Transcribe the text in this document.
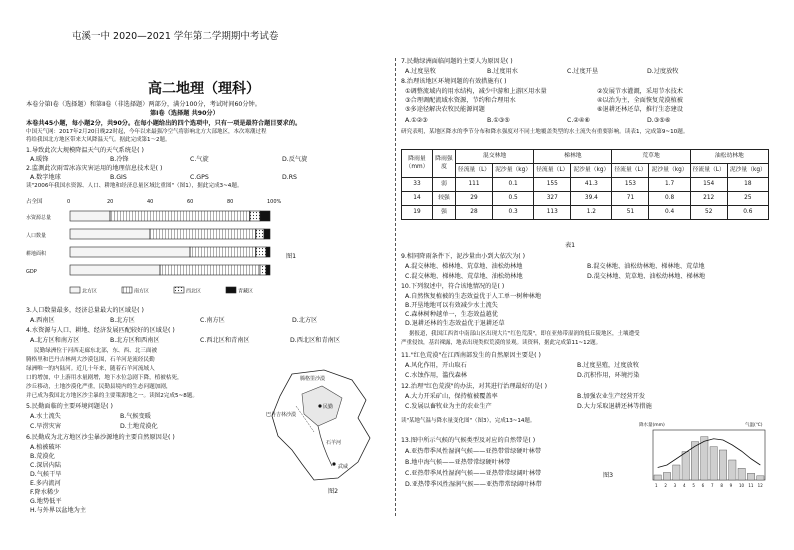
屯溪一中 2020—2021 学年第二学期期中考试卷
高二地理（理科）
本卷分第Ⅰ卷（选择题）和第Ⅱ卷（非选择题）两部分，满分100分，考试时间60分钟。
第Ⅰ卷（选择题 共90分）
本卷共45小题，每小题2分，共90分。在每小题给出的四个选项中，只有一项是最符合题目要求的。
中国天气网：2017年2月20日晚22时起，今年以来最强冷空气将影响北方大部地区，本次寒潮过程
将给我国北方地区带来大风降温天气。据此完成第1～2题。
1.导致此次大规模降温天气的天气系统是( )
A.暖锋	B.冷锋	C.气旋	D.反气旋
2.监测此次雨雪冰冻灾害运用的地理信息技术是( )
A.数字地球	B.GIS	C.GPS	D.RS
读"2006年我国水资源、人口、耕地和经济总量区域比重图"（图1），据此完成3~4题。
占全国	0	20	40	60	80	100%
水资源总量
人口数量
耕地面积
GDP
北方区	南方区	西北区	青藏区
图1
3.人口数量最多，经济总量最大的区域是( )
A.西南区	B.北方区	C.南方区	D.北方区
4.水资源与人口、耕地、经济发展匹配较好的区域是( )
A.北方区和南方区	B.北方区和西南区	C.西北区和青南区	D.西北区和青南区
民勤绿洲位于河西走廊东北部，东、西、北三面被
腾格里和巴丹吉林两大沙漠包围，石羊河是流经民勤
绿洲唯一的内陆河。近几十年来，随着石羊河流域人
口的增加，中上游用水量剧增，地下水位急剧下降，植被枯死，
沙丘移动，土地沙漠化严重，民勤县境内的生态问题加剧，
并已成为我国北方地区沙尘暴的主要策源地之一。读图2完成5~8题。
5.民勤面临的主要环境问题是( )
A.水土流失	B.气候变暖
C.旱涝灾害	D.土地荒漠化
6.民勤成为北方地区沙尘暴沙源地的主要自然原因是( )
A.植被破坏
B.荒漠化
C.深居内陆
D.气候干旱
E.多内流河
F.降水稀少
G.地势低平
H.与外界以盆地为主
腾格里沙漠
巴丹吉林沙漠
民勤
石羊河
武威
图2
7.民勤绿洲面临问题的主要人为原因是( )
A.过度垦牧	B.过度用水	C.过度开垦	D.过度放牧
8.治理该地区环境问题的有效措施有( )
①调整流域内的用水结构，减少中游和上游区用水量	②发展节水灌溉，采用节水技术
③合理调配流域水资源，节约和合理用水	④以治为主，全面恢复荒漠植被
⑤多途径解决农牧民能源问题	⑥退耕还林还草，推行生态建设
A.①②③	B.①③⑤	C.②④⑥	D.③⑤⑥
研究表明，某地区降水的季节分布和降水强度对不同土地覆盖类型的水土流失有重要影响。读表1，完成第9~10题。
降雨量（mm）	降雨强度	混交林地		梯林地		荒草地		油松幼林地	
		径流量（L）	泥沙量（kg）	径流量（L）	泥沙量（kg）	径流量（L）	泥沙量（kg）	径流量（L）	泥沙量（kg）
33	弱	111	0.1	155	41.3	153	1.7	154	18
14	较强	29	0.5	327	39.4	71	0.8	212	25
19	强	28	0.3	113	1.2	51	0.4	52	0.6
表1
9.相同降雨条件下，泥沙量由小到大依次为( )
A.混交林地、梯林地、荒草地、油松幼林地	B.混交林地、油松幼林地、梯林地、荒草地
C.混交林地、梯林地、荒草地、油松幼林地	D.混交林地、荒草地、油松幼林地、梯林地
10.下列叙述中，符合该地情况的是( )
A.自然恢复植被的生态效益优于人工单一树种林地
B.开垦地地可以有效减少水土流失
C.森林树种越单一，生态效益越优
D.退耕还林的生态效益优于退耕还草
据报道，我国江西省中南部山区出现大片"红色荒漠"，即在亚热带湿润的低丘陵地区，土壤遭受
严重侵蚀，基岩裸露，地表出现类似荒漠的景观。读资料，据此完成第11~12题。
11."红色荒漠"在江西南部发生的自然原因主要是( )
A.风化作用，开山取石	B.过度垦殖，过度放牧
C.水蚀作用，滥伐森林	D.沉积作用，环境污染
12.治理"红色荒漠"的办法，对其进行治理最好的是( )
A.大力开采矿山，保持植被覆盖率	B.加强农业生产经营开发
C.发展以畜牧业为主的农业生产	D.大力采取退耕还林等措施
读"某地气温与降水量变化图"（图3），完成13~14题。
13.图中所示气候的气候类型及对应的自然带是( )
A.亚热带季风性湿润气候——亚热带常绿硬叶林带
B.地中海气候——亚热带常绿硬叶林带
C.亚热带季风性湿润气候——亚热带常绿阔叶林带
D.亚热带季风性湿润气候——亚热带常绿阔叶林带
降水量(mm)	气温(℃)
1 2 3 4 5 6 7 8 9 10 11 12
图3
